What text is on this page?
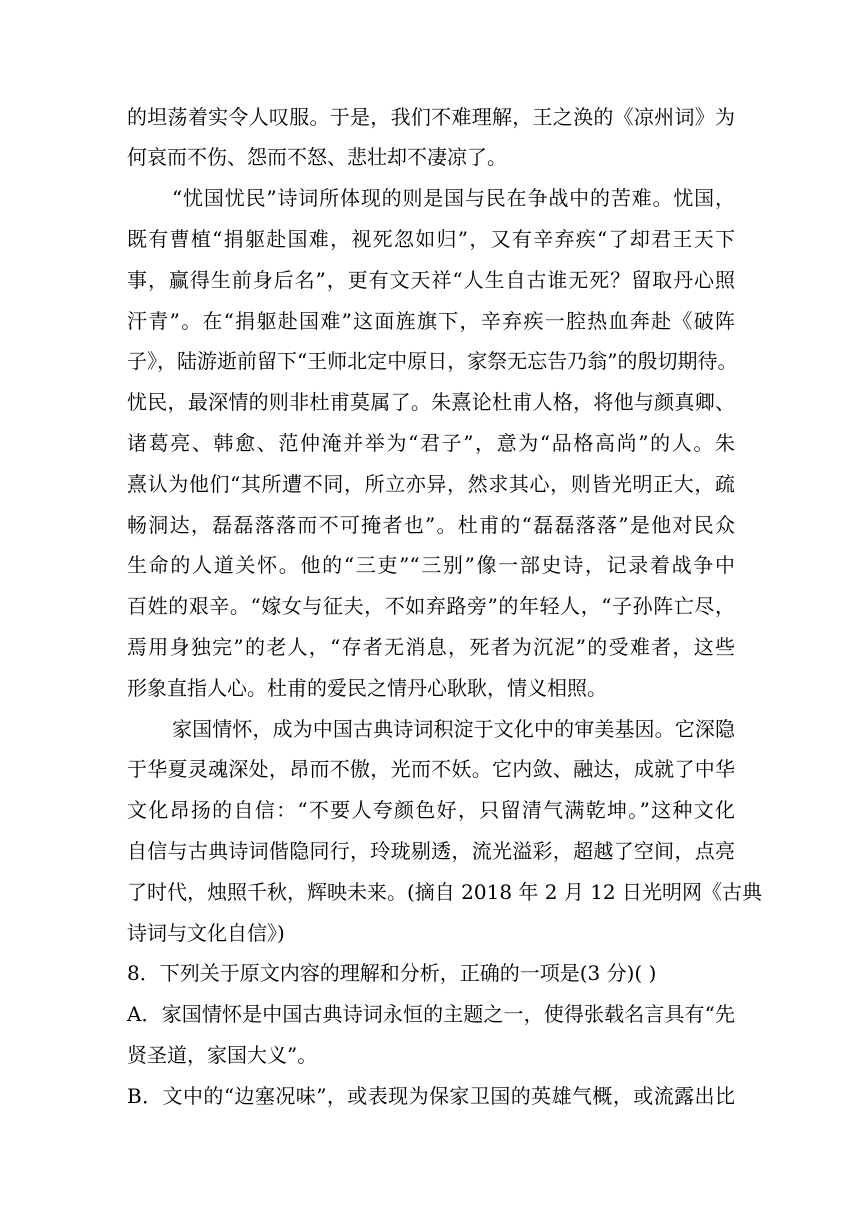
的坦荡着实令人叹服。于是，我们不难理解，王之涣的《凉州词》为
何哀而不伤、怨而不怒、悲壮却不凄凉了。
“忧国忧民”诗词所体现的则是国与民在争战中的苦难。忧国，
既有曹植“捐躯赴国难，视死忽如归”，又有辛弃疾“了却君王天下
事，赢得生前身后名”，更有文天祥“人生自古谁无死？留取丹心照
汗青”。在“捐躯赴国难”这面旌旗下，辛弃疾一腔热血奔赴《破阵
子》，陆游逝前留下“王师北定中原日，家祭无忘告乃翁”的殷切期待。
忧民，最深情的则非杜甫莫属了。朱熹论杜甫人格，将他与颜真卿、
诸葛亮、韩愈、范仲淹并举为“君子”，意为“品格高尚”的人。朱
熹认为他们“其所遭不同，所立亦异，然求其心，则皆光明正大，疏
畅洞达，磊磊落落而不可掩者也”。杜甫的“磊磊落落”是他对民众
生命的人道关怀。他的“三吏”“三别”像一部史诗，记录着战争中
百姓的艰辛。“嫁女与征夫，不如弃路旁”的年轻人，“子孙阵亡尽，
焉用身独完”的老人，“存者无消息，死者为沉泥”的受难者，这些
形象直指人心。杜甫的爱民之情丹心耿耿，情义相照。
家国情怀，成为中国古典诗词积淀于文化中的审美基因。它深隐
于华夏灵魂深处，昂而不傲，光而不妖。它内敛、融达，成就了中华
文化昂扬的自信：“不要人夸颜色好，只留清气满乾坤。”这种文化
自信与古典诗词偕隐同行，玲珑剔透，流光溢彩，超越了空间，点亮
了时代，烛照千秋，辉映未来。(摘自 2018 年 2 月 12 日光明网《古典
诗词与文化自信》)
8．下列关于原文内容的理解和分析，正确的一项是(3 分)( )
A．家国情怀是中国古典诗词永恒的主题之一，使得张载名言具有“先
贤圣道，家国大义”。
B．文中的“边塞况味”，或表现为保家卫国的英雄气概，或流露出比
